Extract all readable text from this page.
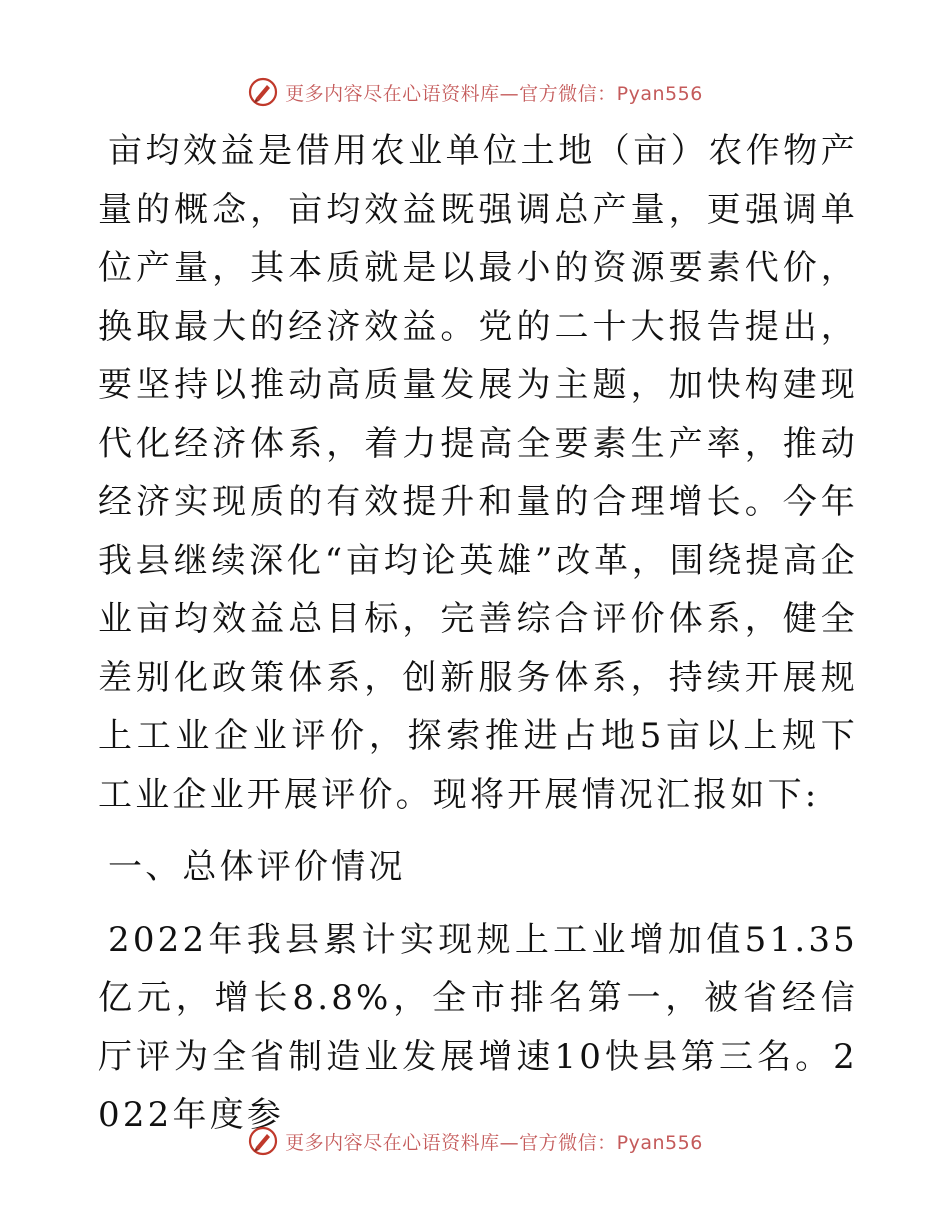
更多内容尽在心语资料库—官方微信：Pyan556

亩均效益是借用农业单位土地（亩）农作物产量的概念，亩均效益既强调总产量，更强调单位产量，其本质就是以最小的资源要素代价，换取最大的经济效益。党的二十大报告提出，要坚持以推动高质量发展为主题，加快构建现代化经济体系，着力提高全要素生产率，推动经济实现质的有效提升和量的合理增长。今年我县继续深化“亩均论英雄”改革，围绕提高企业亩均效益总目标，完善综合评价体系，健全差别化政策体系，创新服务体系，持续开展规上工业企业评价，探索推进占地5亩以上规下工业企业开展评价。现将开展情况汇报如下:

一、总体评价情况

2022年我县累计实现规上工业增加值51.35亿元，增长8.8%，全市排名第一，被省经信厅评为全省制造业发展增速10快县第三名。2022年度参

更多内容尽在心语资料库—官方微信：Pyan556
